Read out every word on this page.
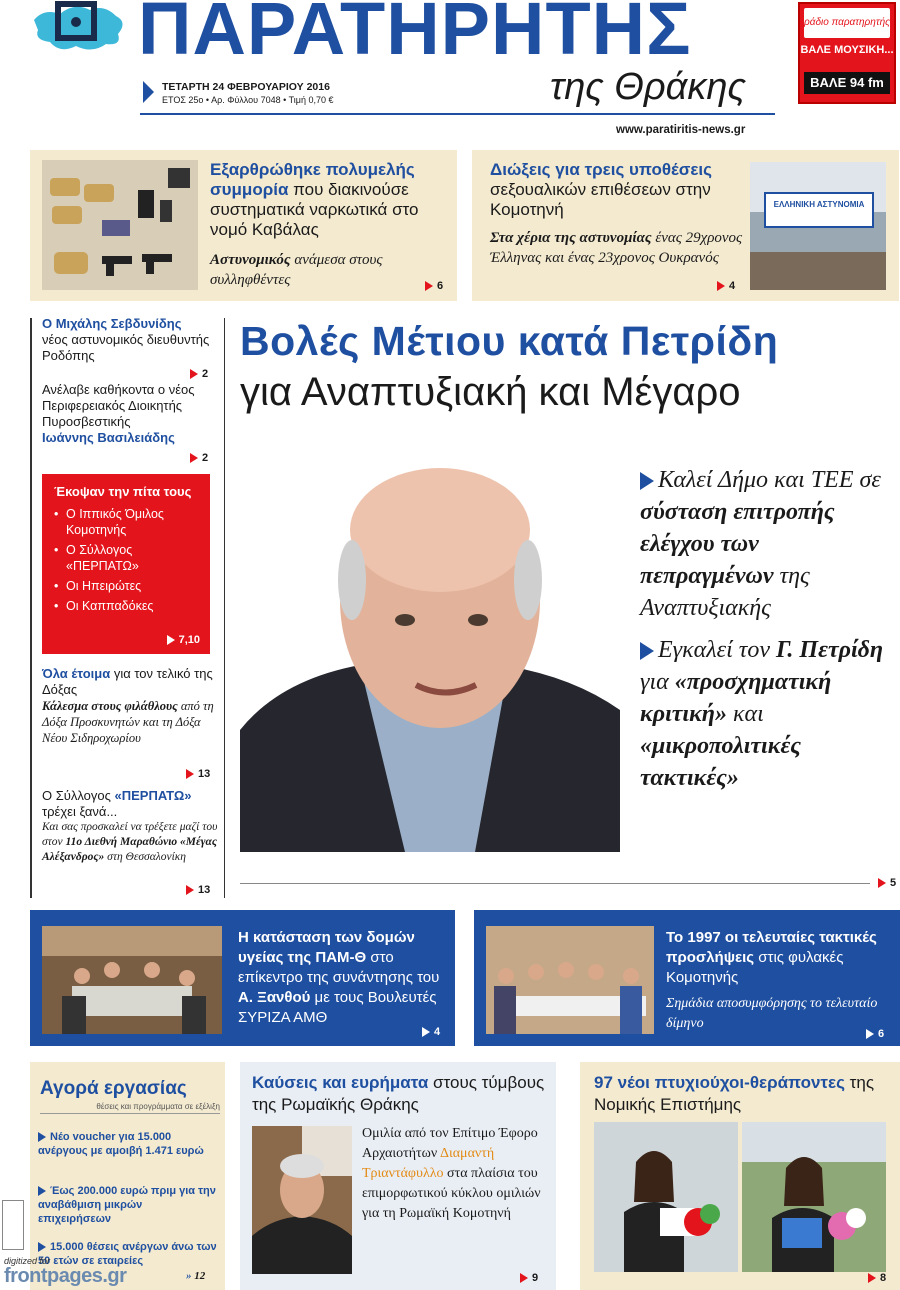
ΠΑΡΑΤΗΡΗΤΗΣ
ΤΕΤΑΡΤΗ 24 ΦΕΒΡΟΥΑΡΙΟΥ 2016
ΕΤΟΣ 25ο • Αρ. Φύλλου 7048 • Τιμή 0,70 €	της Θράκης
www.paratiritis-news.gr
ράδιο παρατηρητής
ΒΑΛΕ ΜΟΥΣΙΚΗ...
ΒΑΛΕ 94 fm
Εξαρθρώθηκε πολυμελής συμμορία που διακινούσε συστηματικά ναρκωτικά στο νομό Καβάλας
Αστυνομικός ανάμεσα στους συλληφθέντες	6
Διώξεις για τρεις υποθέσεις σεξουαλικών επιθέσεων στην Κομοτηνή
Στα χέρια της αστυνομίας ένας 29χρονος Έλληνας και ένας 23χρονος Ουκρανός
4
ΕΛΛΗΝΙΚΗ ΑΣΤΥΝΟΜΙΑ
Ο Μιχάλης Σεβδυνίδης
νέος αστυνομικός διευθυντής Ροδόπης
2
Ανέλαβε καθήκοντα ο νέος Περιφερειακός Διοικητής Πυροσβεστικής
Ιωάννης Βασιλειάδης
2
Έκοψαν την πίτα τους
• Ο Ιππικός Όμιλος Κομοτηνής
• Ο Σύλλογος «ΠΕΡΠΑΤΩ»
• Οι Ηπειρώτες
• Οι Καππαδόκες
7,10
Όλα έτοιμα για τον τελικό της Δόξας
Κάλεσμα στους φιλάθλους από τη Δόξα Προσκυνητών και τη Δόξα Νέου Σιδηροχωρίου
13
Ο Σύλλογος «ΠΕΡΠΑΤΩ» τρέχει ξανά...
Και σας προσκαλεί να τρέξετε μαζί του στον 11ο Διεθνή Μαραθώνιο «Μέγας Αλέξανδρος» στη Θεσσαλονίκη
13
Βολές Μέτιου κατά Πετρίδη
για Αναπτυξιακή και Μέγαρο
Καλεί Δήμο και ΤΕΕ σε σύσταση επιτροπής ελέγχου των πεπραγμένων της Αναπτυξιακής
Εγκαλεί τον Γ. Πετρίδη για «προσχηματική κριτική» και «μικροπολιτικές τακτικές»
5
Η κατάσταση των δομών υγείας της ΠΑΜ-Θ στο επίκεντρο της συνάντησης του Α. Ξανθού με τους Βουλευτές ΣΥΡΙΖΑ ΑΜΘ
4
Το 1997 οι τελευταίες τακτικές προσλήψεις στις φυλακές Κομοτηνής
Σημάδια αποσυμφόρησης το τελευταίο δίμηνο
6
Αγορά εργασίας
θέσεις και προγράμματα σε εξέλιξη
Νέο voucher για 15.000 ανέργους με αμοιβή 1.471 ευρώ
Έως 200.000 ευρώ πριμ για την αναβάθμιση μικρών επιχειρήσεων
15.000 θέσεις ανέργων άνω των 50 ετών σε εταιρείες
» 12
Καύσεις και ευρήματα στους τύμβους της Ρωμαϊκής Θράκης
Ομιλία από τον Επίτιμο Έφορο Αρχαιοτήτων Διαμαντή Τριαντάφυλλο στα πλαίσια του επιμορφωτικού κύκλου ομιλιών για τη Ρωμαϊκή Κομοτηνή
9
97 νέοι πτυχιούχοι-θεράποντες της Νομικής Επιστήμης
8
digitized for
frontpages.gr
